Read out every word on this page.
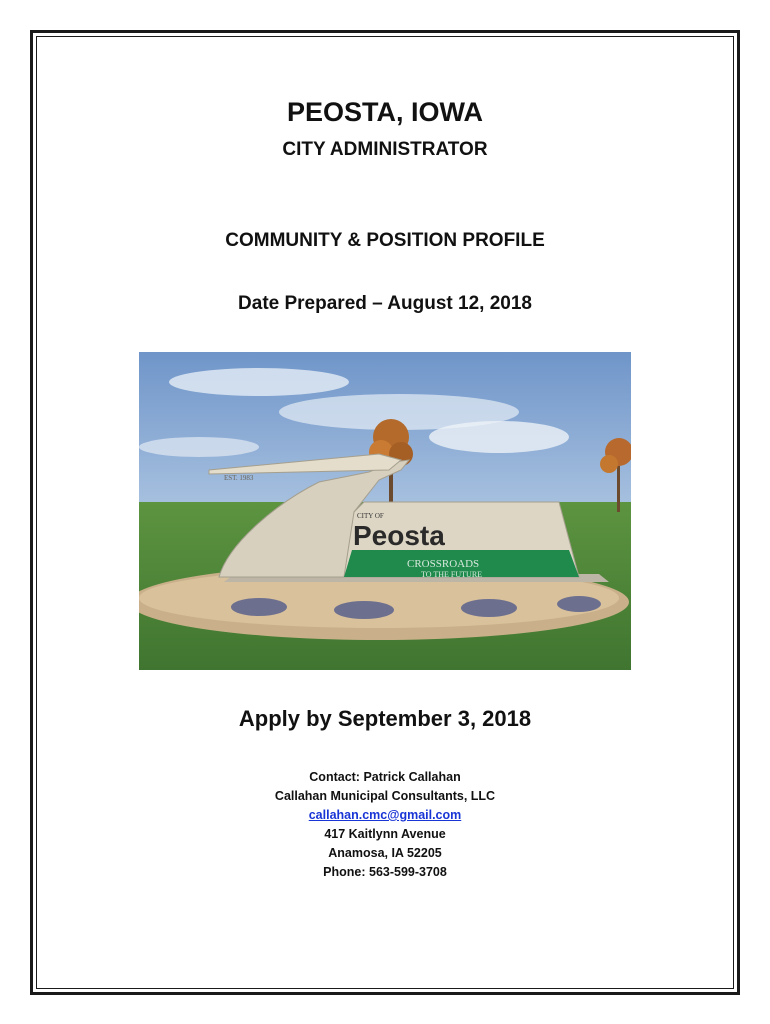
PEOSTA, IOWA
CITY ADMINISTRATOR
COMMUNITY & POSITION PROFILE
Date Prepared – August 12, 2018
EST. 1983
CITY OF
Peosta
CROSSROADS
TO THE FUTURE
Apply by September 3, 2018
Contact: Patrick Callahan
Callahan Municipal Consultants, LLC
callahan.cmc@gmail.com
417 Kaitlynn Avenue
Anamosa, IA 52205
Phone: 563-599-3708
